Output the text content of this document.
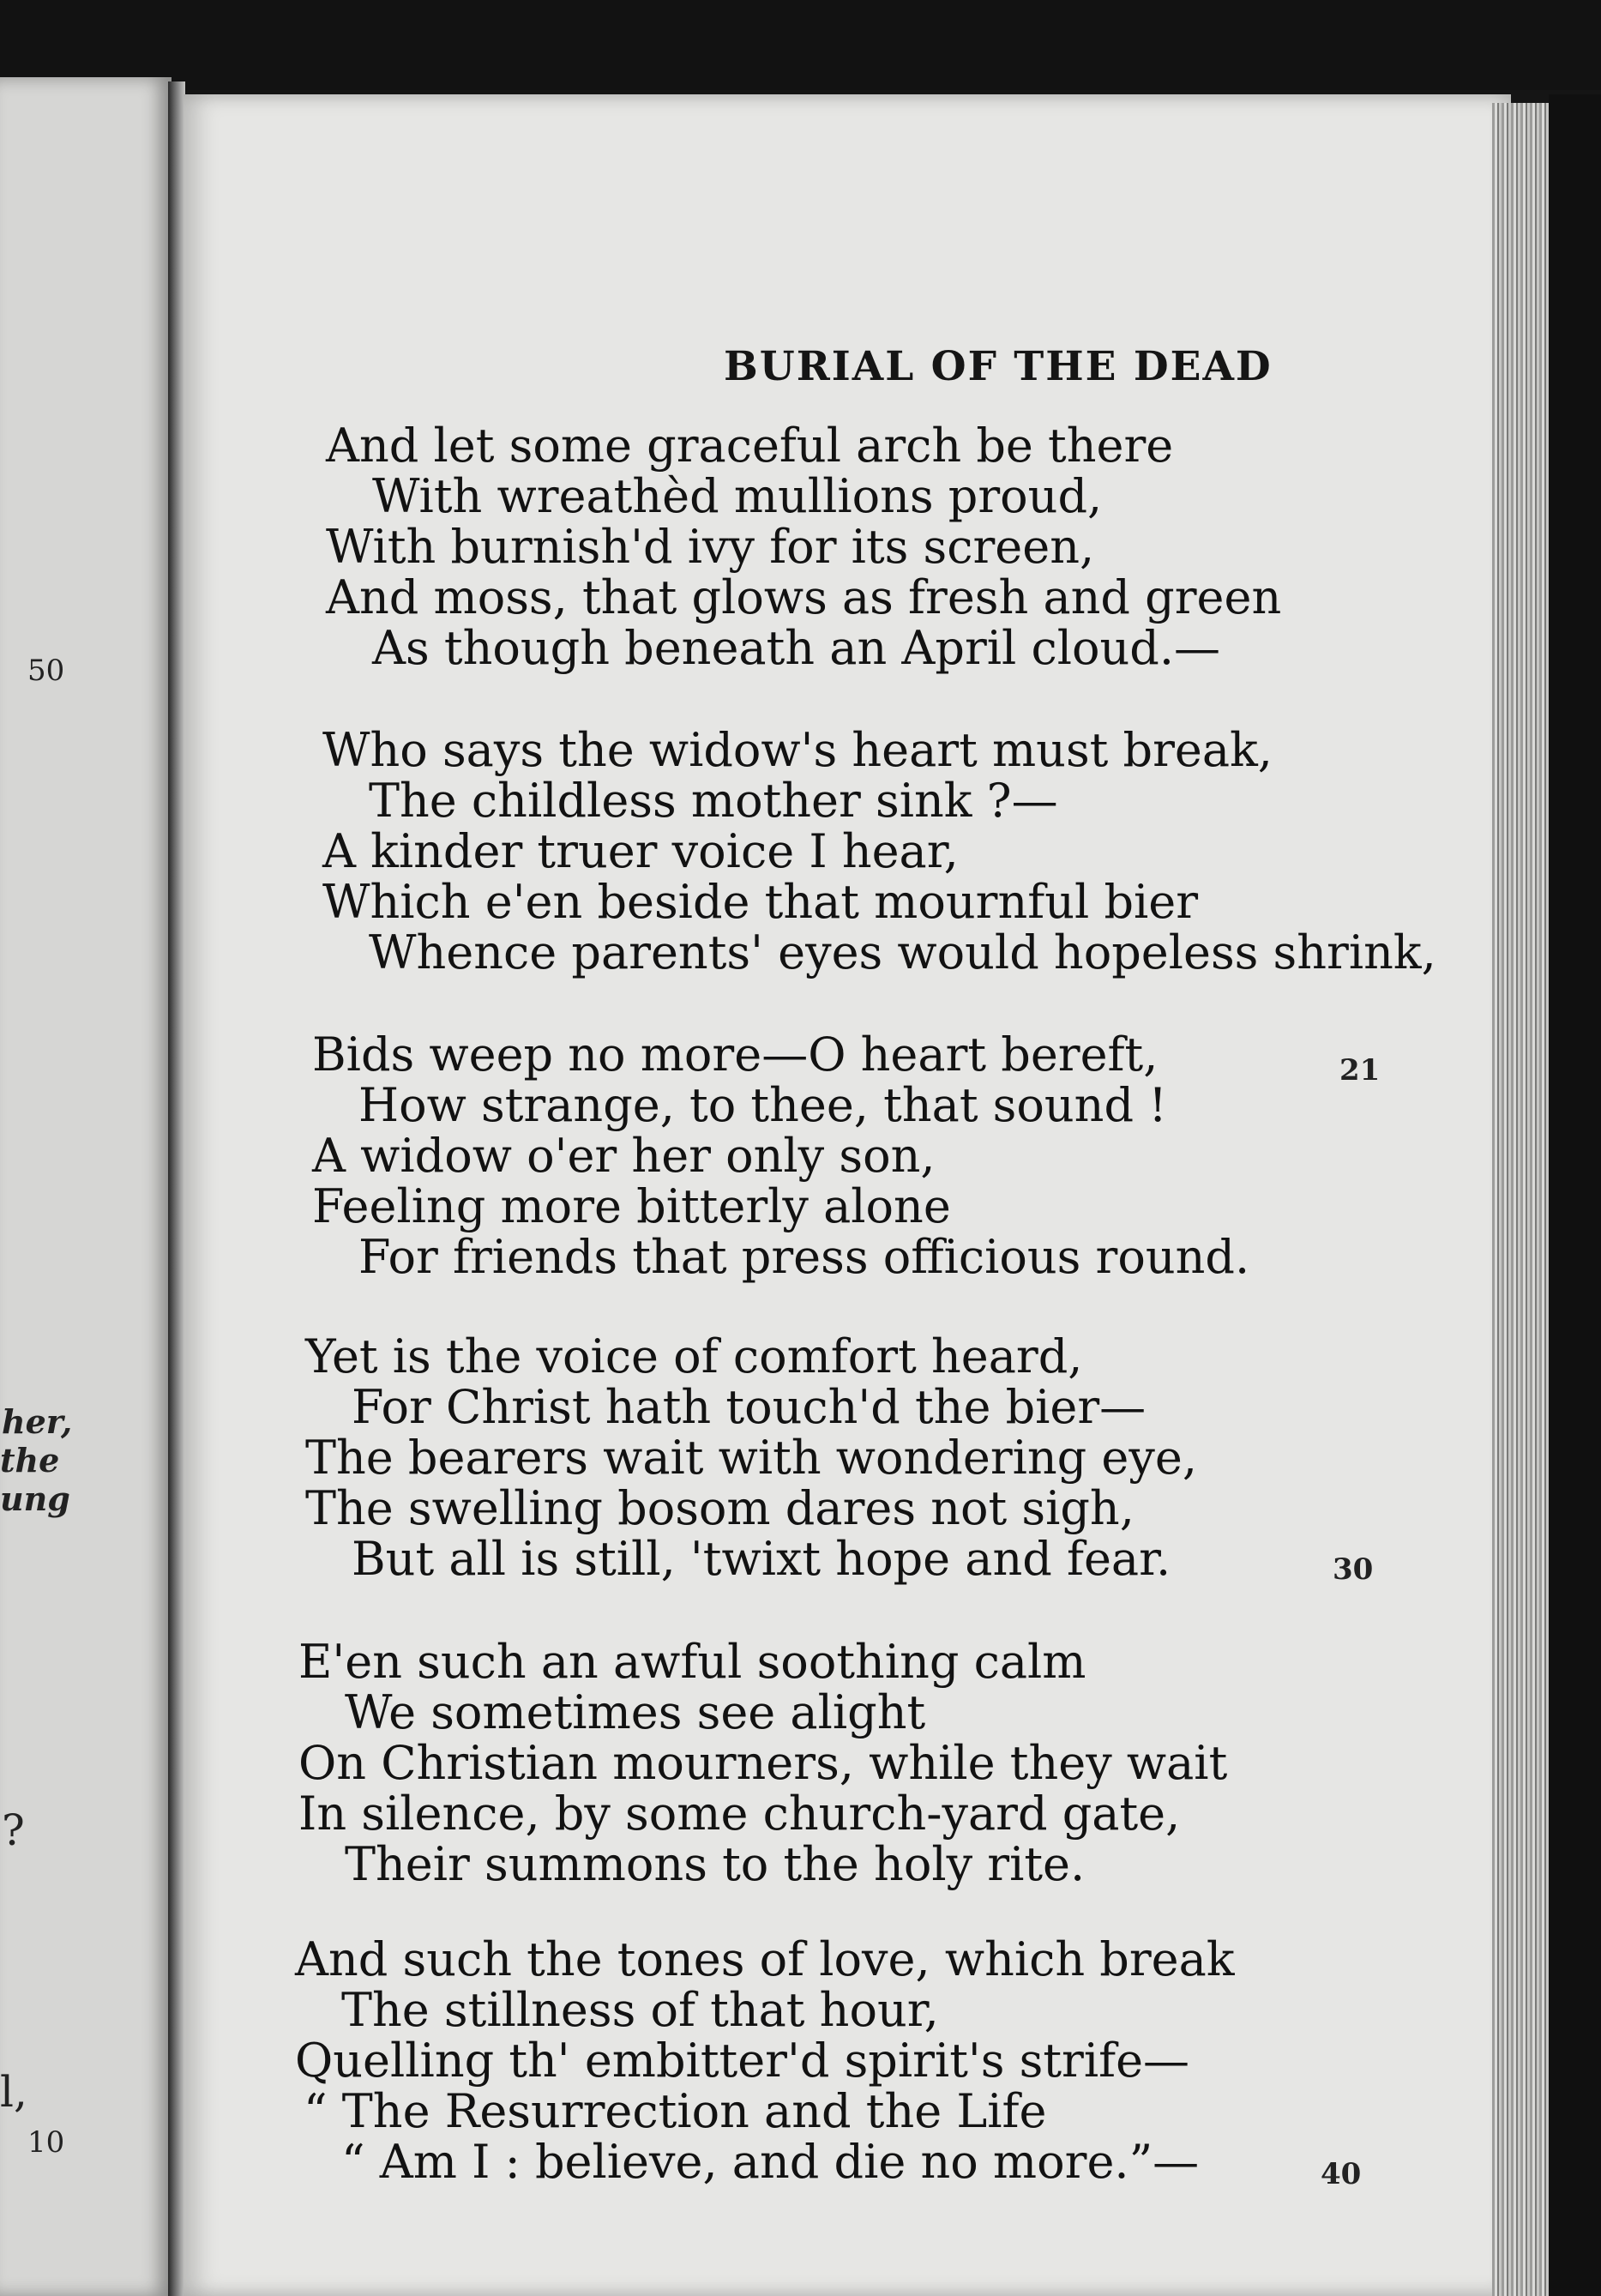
50
her,
the
ung
?
l,
10
BURIAL OF THE DEAD
And let some graceful arch be there
With wreathèd mullions proud,
With burnish'd ivy for its screen,
And moss, that glows as fresh and green
As though beneath an April cloud.—
Who says the widow's heart must break,
The childless mother sink ?—
A kinder truer voice I hear,
Which e'en beside that mournful bier
Whence parents' eyes would hopeless shrink,
Bids weep no more—O heart bereft,
How strange, to thee, that sound !
A widow o'er her only son,
Feeling more bitterly alone
For friends that press officious round.
Yet is the voice of comfort heard,
For Christ hath touch'd the bier—
The bearers wait with wondering eye,
The swelling bosom dares not sigh,
But all is still, 'twixt hope and fear.
E'en such an awful soothing calm
We sometimes see alight
On Christian mourners, while they wait
In silence, by some church-yard gate,
Their summons to the holy rite.
And such the tones of love, which break
The stillness of that hour,
Quelling th' embitter'd spirit's strife—
“ The Resurrection and the Life
“ Am I : believe, and die no more.”—
21
30
40
